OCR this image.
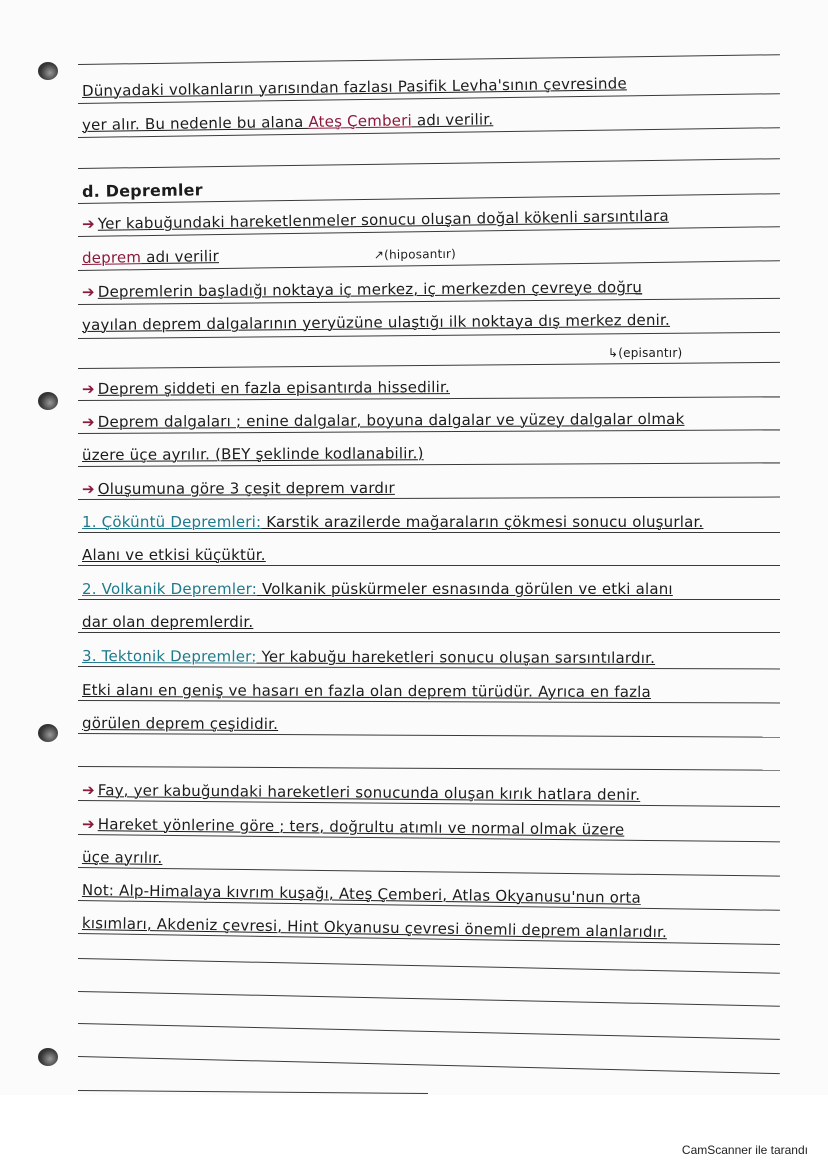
Dünyadaki volkanların yarısından fazlası Pasifik Levha'sının çevresinde
yer alır. Bu nedenle bu alana Ateş Çemberi adı verilir.
d. Depremler
➔ Yer kabuğundaki hareketlenmeler sonucu oluşan doğal kökenli sarsıntılara
deprem adı verilir	↗(hiposantır)
➔ Depremlerin başladığı noktaya iç merkez, iç merkezden çevreye doğru
yayılan deprem dalgalarının yeryüzüne ulaştığı ilk noktaya dış merkez denir.
↳(episantır)
➔ Deprem şiddeti en fazla episantırda hissedilir.
➔ Deprem dalgaları ; enine dalgalar, boyuna dalgalar ve yüzey dalgalar olmak
üzere üçe ayrılır. (BEY şeklinde kodlanabilir.)
➔ Oluşumuna göre 3 çeşit deprem vardır
1. Çöküntü Depremleri: Karstik arazilerde mağaraların çökmesi sonucu oluşurlar.
Alanı ve etkisi küçüktür.
2. Volkanik Depremler: Volkanik püskürmeler esnasında görülen ve etki alanı
dar olan depremlerdir.
3. Tektonik Depremler: Yer kabuğu hareketleri sonucu oluşan sarsıntılardır.
Etki alanı en geniş ve hasarı en fazla olan deprem türüdür. Ayrıca en fazla
görülen deprem çeşididir.
➔ Fay, yer kabuğundaki hareketleri sonucunda oluşan kırık hatlara denir.
➔ Hareket yönlerine göre ; ters, doğrultu atımlı ve normal olmak üzere
üçe ayrılır.
Not: Alp-Himalaya kıvrım kuşağı, Ateş Çemberi, Atlas Okyanusu'nun orta
kısımları, Akdeniz çevresi, Hint Okyanusu çevresi önemli deprem alanlarıdır.
CamScanner ile tarandı
